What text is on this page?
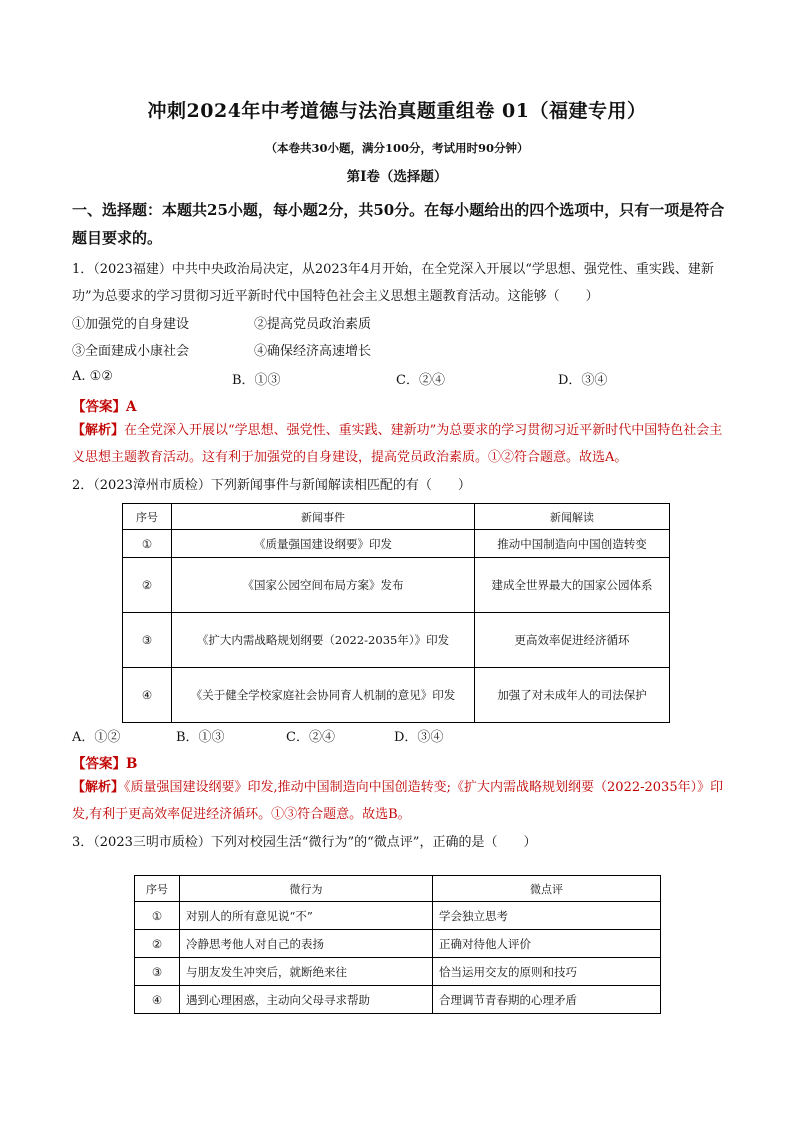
冲刺2024年中考道德与法治真题重组卷 01（福建专用）
（本卷共30小题，满分100分，考试用时90分钟）
第I卷（选择题）
一、选择题：本题共25小题，每小题2分，共50分。在每小题给出的四个选项中，只有一项是符合题目要求的。
1．（2023福建）中共中央政治局决定，从2023年4月开始，在全党深入开展以“学思想、强党性、重实践、建新功”为总要求的学习贯彻习近平新时代中国特色社会主义思想主题教育活动。这能够（　　）
①加强党的自身建设	②提高党员政治素质
③全面建成小康社会	④确保经济高速增长
A. ①②	B．①③	C．②④	D．③④
【答案】A
【解析】在全党深入开展以“学思想、强党性、重实践、建新功”为总要求的学习贯彻习近平新时代中国特色社会主义思想主题教育活动。这有利于加强党的自身建设，提高党员政治素质。①②符合题意。故选A。
2．（2023漳州市质检）下列新闻事件与新闻解读相匹配的有（　　）
序号	新闻事件	新闻解读
①	《质量强国建设纲要》印发	推动中国制造向中国创造转变
②	《国家公园空间布局方案》发布	建成全世界最大的国家公园体系
③	《扩大内需战略规划纲要（2022-2035年）》印发	更高效率促进经济循环
④	《关于健全学校家庭社会协同育人机制的意见》印发	加强了对未成年人的司法保护
A．①②	B．①③	C．②④	D．③④
【答案】B
【解析】《质量强国建设纲要》印发,推动中国制造向中国创造转变;《扩大内需战略规划纲要（2022-2035年）》印发,有利于更高效率促进经济循环。①③符合题意。故选B。
3．（2023三明市质检）下列对校园生活“微行为”的“微点评”，正确的是（　　）
序号	微行为	微点评
①	对别人的所有意见说“不”	学会独立思考
②	冷静思考他人对自己的表扬	正确对待他人评价
③	与朋友发生冲突后，就断绝来往	恰当运用交友的原则和技巧
④	遇到心理困惑，主动向父母寻求帮助	合理调节青春期的心理矛盾
